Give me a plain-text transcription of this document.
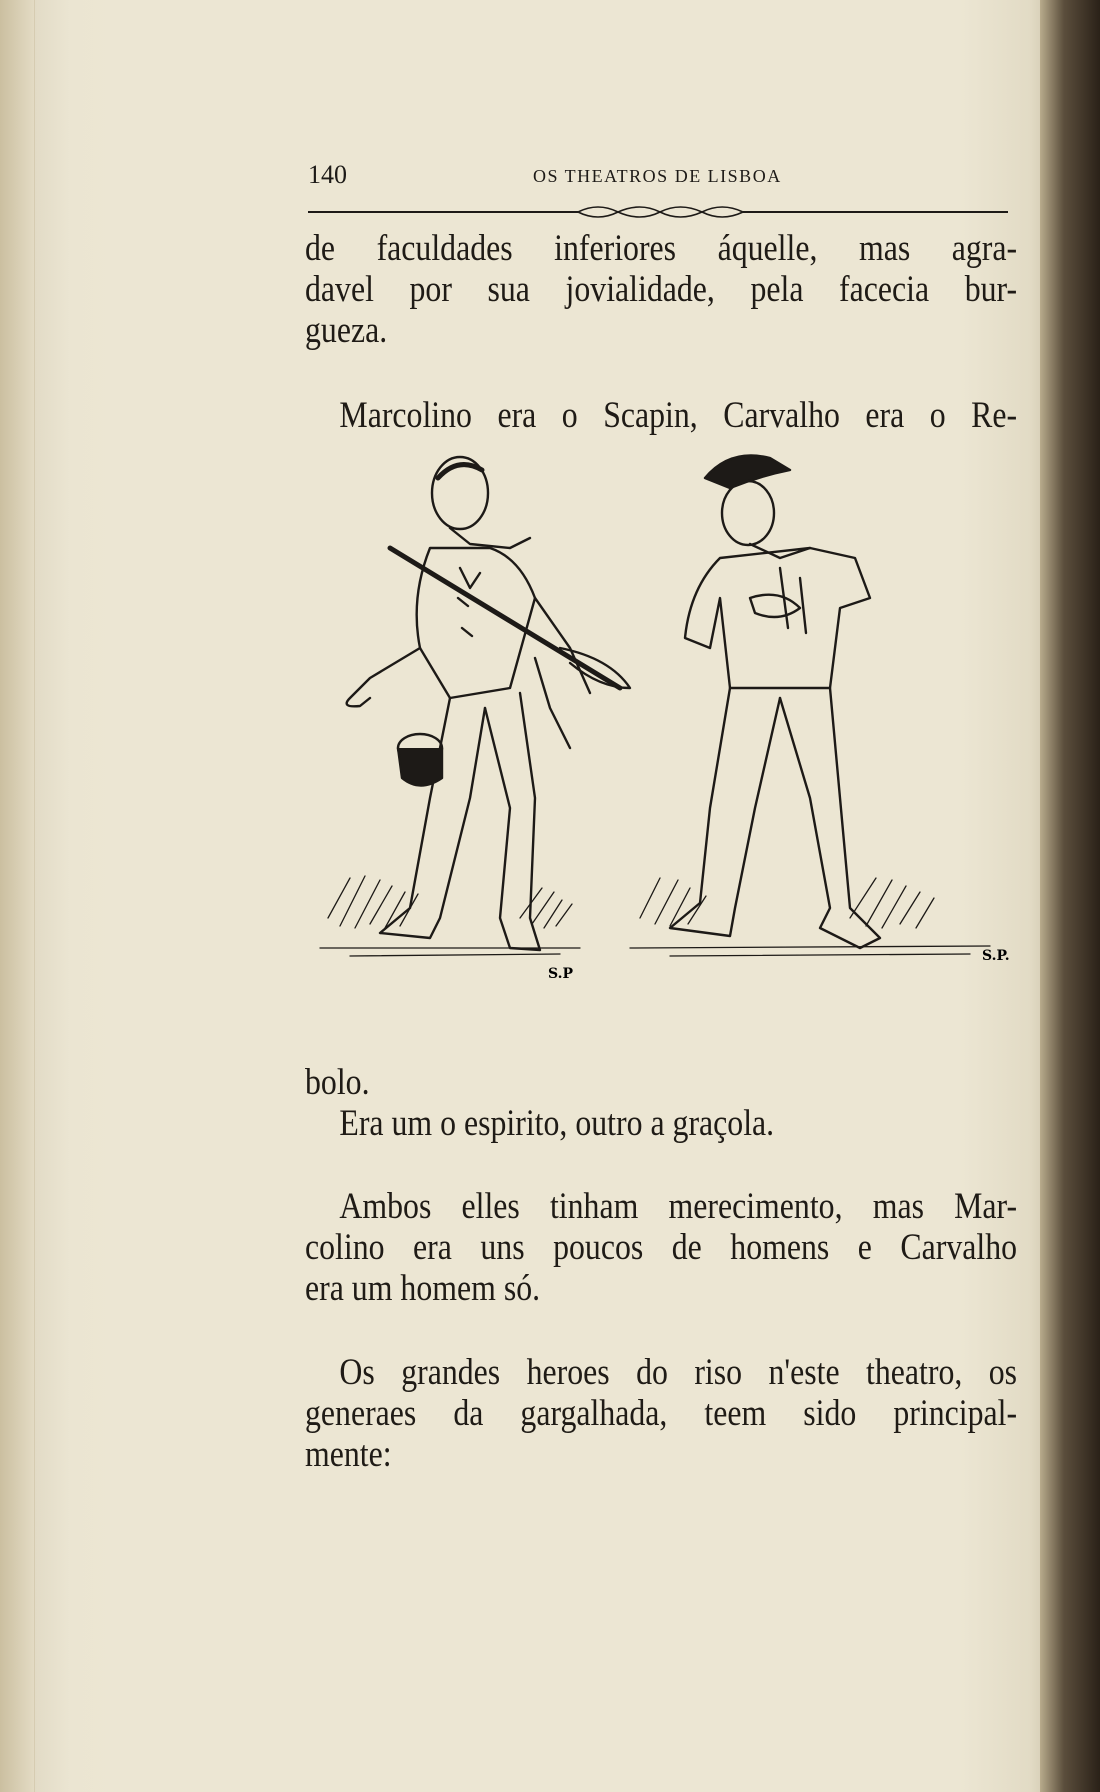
140	OS THEATROS DE LISBOA

de faculdades inferiores áquelle, mas agra-

davel por sua jovialidade, pela facecia bur-

gueza.

Marcolino era o Scapin, Carvalho era o Re-

S.P
S.P.

bolo.

Era um o espirito, outro a graçola.

Ambos elles tinham merecimento, mas Mar-

colino era uns poucos de homens e Carvalho

era um homem só.

Os grandes heroes do riso n'este theatro, os

generaes da gargalhada, teem sido principal-

mente:
